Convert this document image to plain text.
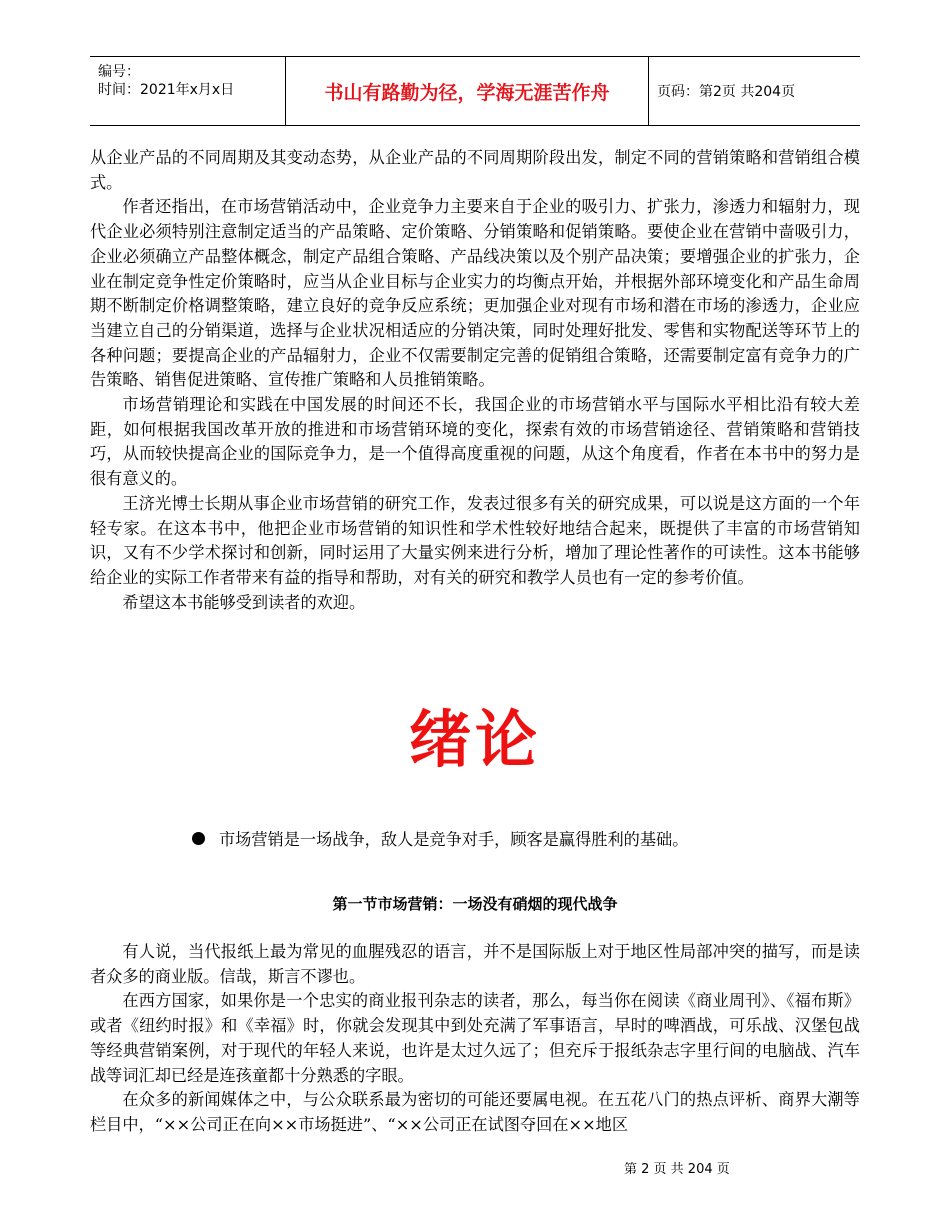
编号：
时间：2021年x月x日	书山有路勤为径，学海无涯苦作舟	页码：第2页 共204页

从企业产品的不同周期及其变动态势，从企业产品的不同周期阶段出发，制定不同的营销策略和营销组合模式。

作者还指出，在市场营销活动中，企业竞争力主要来自于企业的吸引力、扩张力，渗透力和辐射力，现代企业必须特别注意制定适当的产品策略、定价策略、分销策略和促销策略。要使企业在营销中啬吸引力，企业必须确立产品整体概念，制定产品组合策略、产品线决策以及个别产品决策；要增强企业的扩张力，企业在制定竞争性定价策略时，应当从企业目标与企业实力的均衡点开始，并根据外部环境变化和产品生命周期不断制定价格调整策略，建立良好的竞争反应系统；更加强企业对现有市场和潜在市场的渗透力，企业应当建立自己的分销渠道，选择与企业状况相适应的分销决策，同时处理好批发、零售和实物配送等环节上的各种问题；要提高企业的产品辐射力，企业不仅需要制定完善的促销组合策略，还需要制定富有竞争力的广告策略、销售促进策略、宣传推广策略和人员推销策略。

市场营销理论和实践在中国发展的时间还不长，我国企业的市场营销水平与国际水平相比沿有较大差距，如何根据我国改革开放的推进和市场营销环境的变化，探索有效的市场营销途径、营销策略和营销技巧，从而较快提高企业的国际竞争力，是一个值得高度重视的问题，从这个角度看，作者在本书中的努力是很有意义的。

王济光博士长期从事企业市场营销的研究工作，发表过很多有关的研究成果，可以说是这方面的一个年轻专家。在这本书中，他把企业市场营销的知识性和学术性较好地结合起来，既提供了丰富的市场营销知识，又有不少学术探讨和创新，同时运用了大量实例来进行分析，增加了理论性著作的可读性。这本书能够给企业的实际工作者带来有益的指导和帮助，对有关的研究和教学人员也有一定的参考价值。

希望这本书能够受到读者的欢迎。

绪论
市场营销是一场战争，敌人是竞争对手，顾客是赢得胜利的基础。
第一节市场营销：一场没有硝烟的现代战争

有人说，当代报纸上最为常见的血腥残忍的语言，并不是国际版上对于地区性局部冲突的描写，而是读者众多的商业版。信哉，斯言不谬也。

在西方国家，如果你是一个忠实的商业报刊杂志的读者，那么，每当你在阅读《商业周刊》、《福布斯》或者《纽约时报》和《幸福》时，你就会发现其中到处充满了军事语言，早时的啤酒战，可乐战、汉堡包战等经典营销案例，对于现代的年轻人来说，也许是太过久远了；但充斥于报纸杂志字里行间的电脑战、汽车战等词汇却已经是连孩童都十分熟悉的字眼。

在众多的新闻媒体之中，与公众联系最为密切的可能还要属电视。在五花八门的热点评析、商界大潮等栏目中，“××公司正在向××市场挺进”、“××公司正在试图夺回在××地区

第 2 页 共 204 页
